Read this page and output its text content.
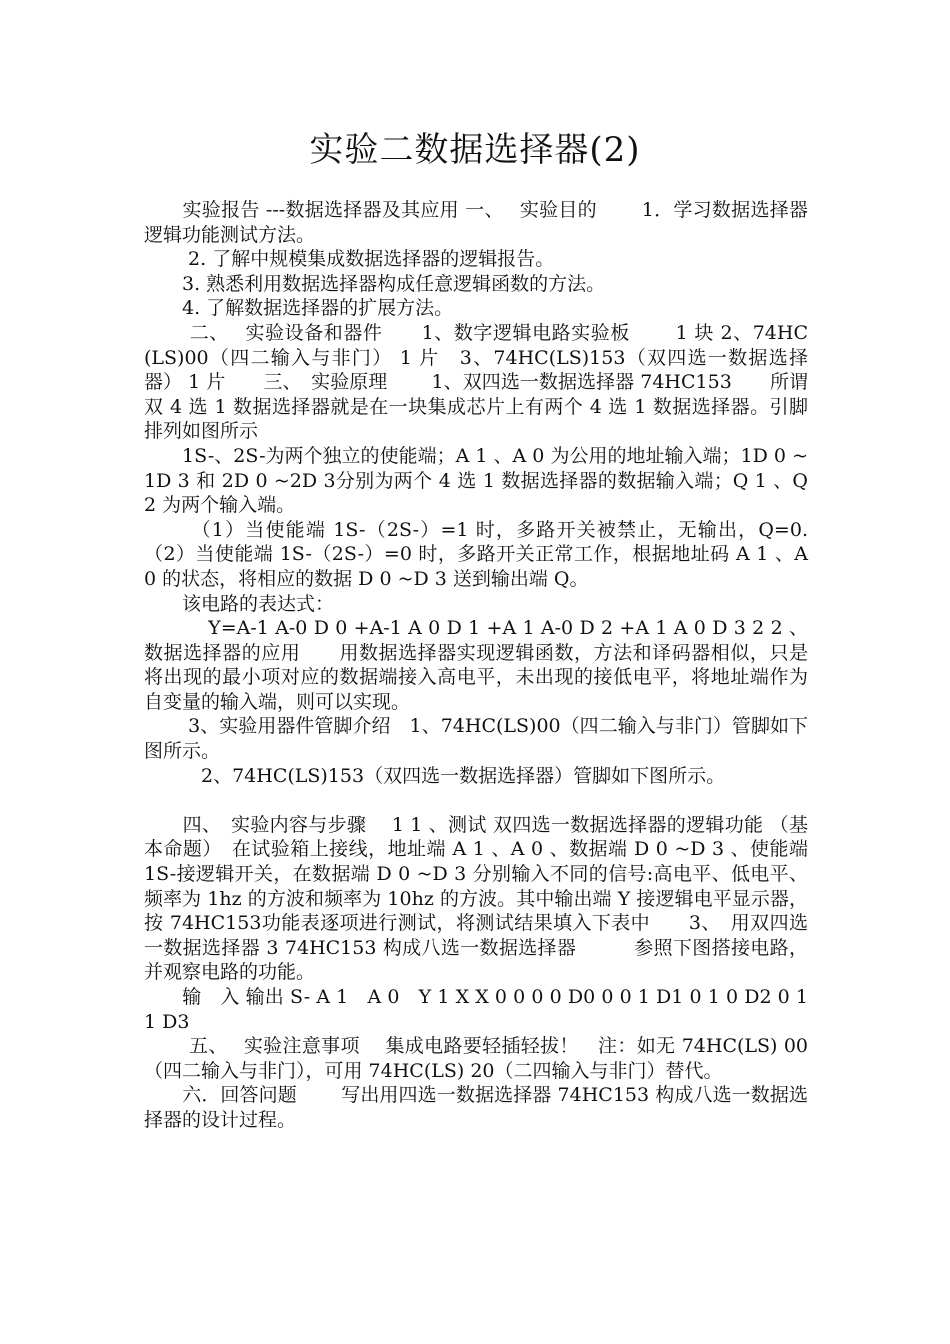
实验二数据选择器(2)

　　实验报告 ---数据选择器及其应用 一、　 实验目的　　 1．学习数据选择器逻辑功能测试方法。

　　 2. 了解中规模集成数据选择器的逻辑报告。

　　3. 熟悉利用数据选择器构成任意逻辑函数的方法。

　　4. 了解数据选择器的扩展方法。

　　 二、　 实验设备和器件　　1、数字逻辑电路实验板　　 1 块 2、74HC(LS)00（四二输入与非门） 1 片　3、74HC(LS)153（双四选一数据选择器） 1 片　　三、　实验原理　　 1、双四选一数据选择器 74HC153　　所谓双 4 选 1 数据选择器就是在一块集成芯片上有两个 4 选 1 数据选择器。引脚排列如图所示

　　1S-、2S-为两个独立的使能端；A 1 、A 0 为公用的地址输入端；1D 0 ~1D 3 和 2D 0 ~2D 3分别为两个 4 选 1 数据选择器的数据输入端；Q 1 、Q 2 为两个输入端。

　　 （1）当使能端 1S-（2S-）=1 时，多路开关被禁止，无输出，Q=0. （2）当使能端 1S-（2S-）=0 时，多路开关正常工作，根据地址码 A 1 、A 0 的状态，将相应的数据 D 0 ~D 3 送到输出端 Q。

　　该电路的表达式：

　　　 Y=A-1 A-0 D 0 +A-1 A 0 D 1 +A 1 A-0 D 2 +A 1 A 0 D 3 2 2 、数据选择器的应用　　用数据选择器实现逻辑函数，方法和译码器相似，只是将出现的最小项对应的数据端接入高电平，未出现的接低电平，将地址端作为自变量的输入端，则可以实现。

　　 3、实验用器件管脚介绍　1、74HC(LS)00（四二输入与非门）管脚如下图所示。

　　　2、74HC(LS)153（双四选一数据选择器）管脚如下图所示。

　　四、　实验内容与步骤　 1 1 、测试 双四选一数据选择器的逻辑功能 （基本命题）　在试验箱上接线，地址端 A 1 、A 0 、数据端 D 0 ~D 3 、使能端 1S-接逻辑开关，在数据端 D 0 ~D 3 分别输入不同的信号:高电平、低电平、频率为 1hz 的方波和频率为 10hz 的方波。其中输出端 Y 接逻辑电平显示器，按 74HC153功能表逐项进行测试，将测试结果填入下表中　　3、　用双四选一数据选择器 3 74HC153 构成八选一数据选择器　　　参照下图搭接电路，并观察电路的功能。

　　输　入 输出 S- A 1　A 0　Y 1 X X 0 0 0 0 D0 0 0 1 D1 0 1 0 D2 0 1 1 D3

　　 五、　 实验注意事项　 集成电路要轻插轻拔！　注：如无 74HC(LS) 00（四二输入与非门），可用 74HC(LS) 20（二四输入与非门）替代。

　　六．回答问题　　 写出用四选一数据选择器 74HC153 构成八选一数据选择器的设计过程。
